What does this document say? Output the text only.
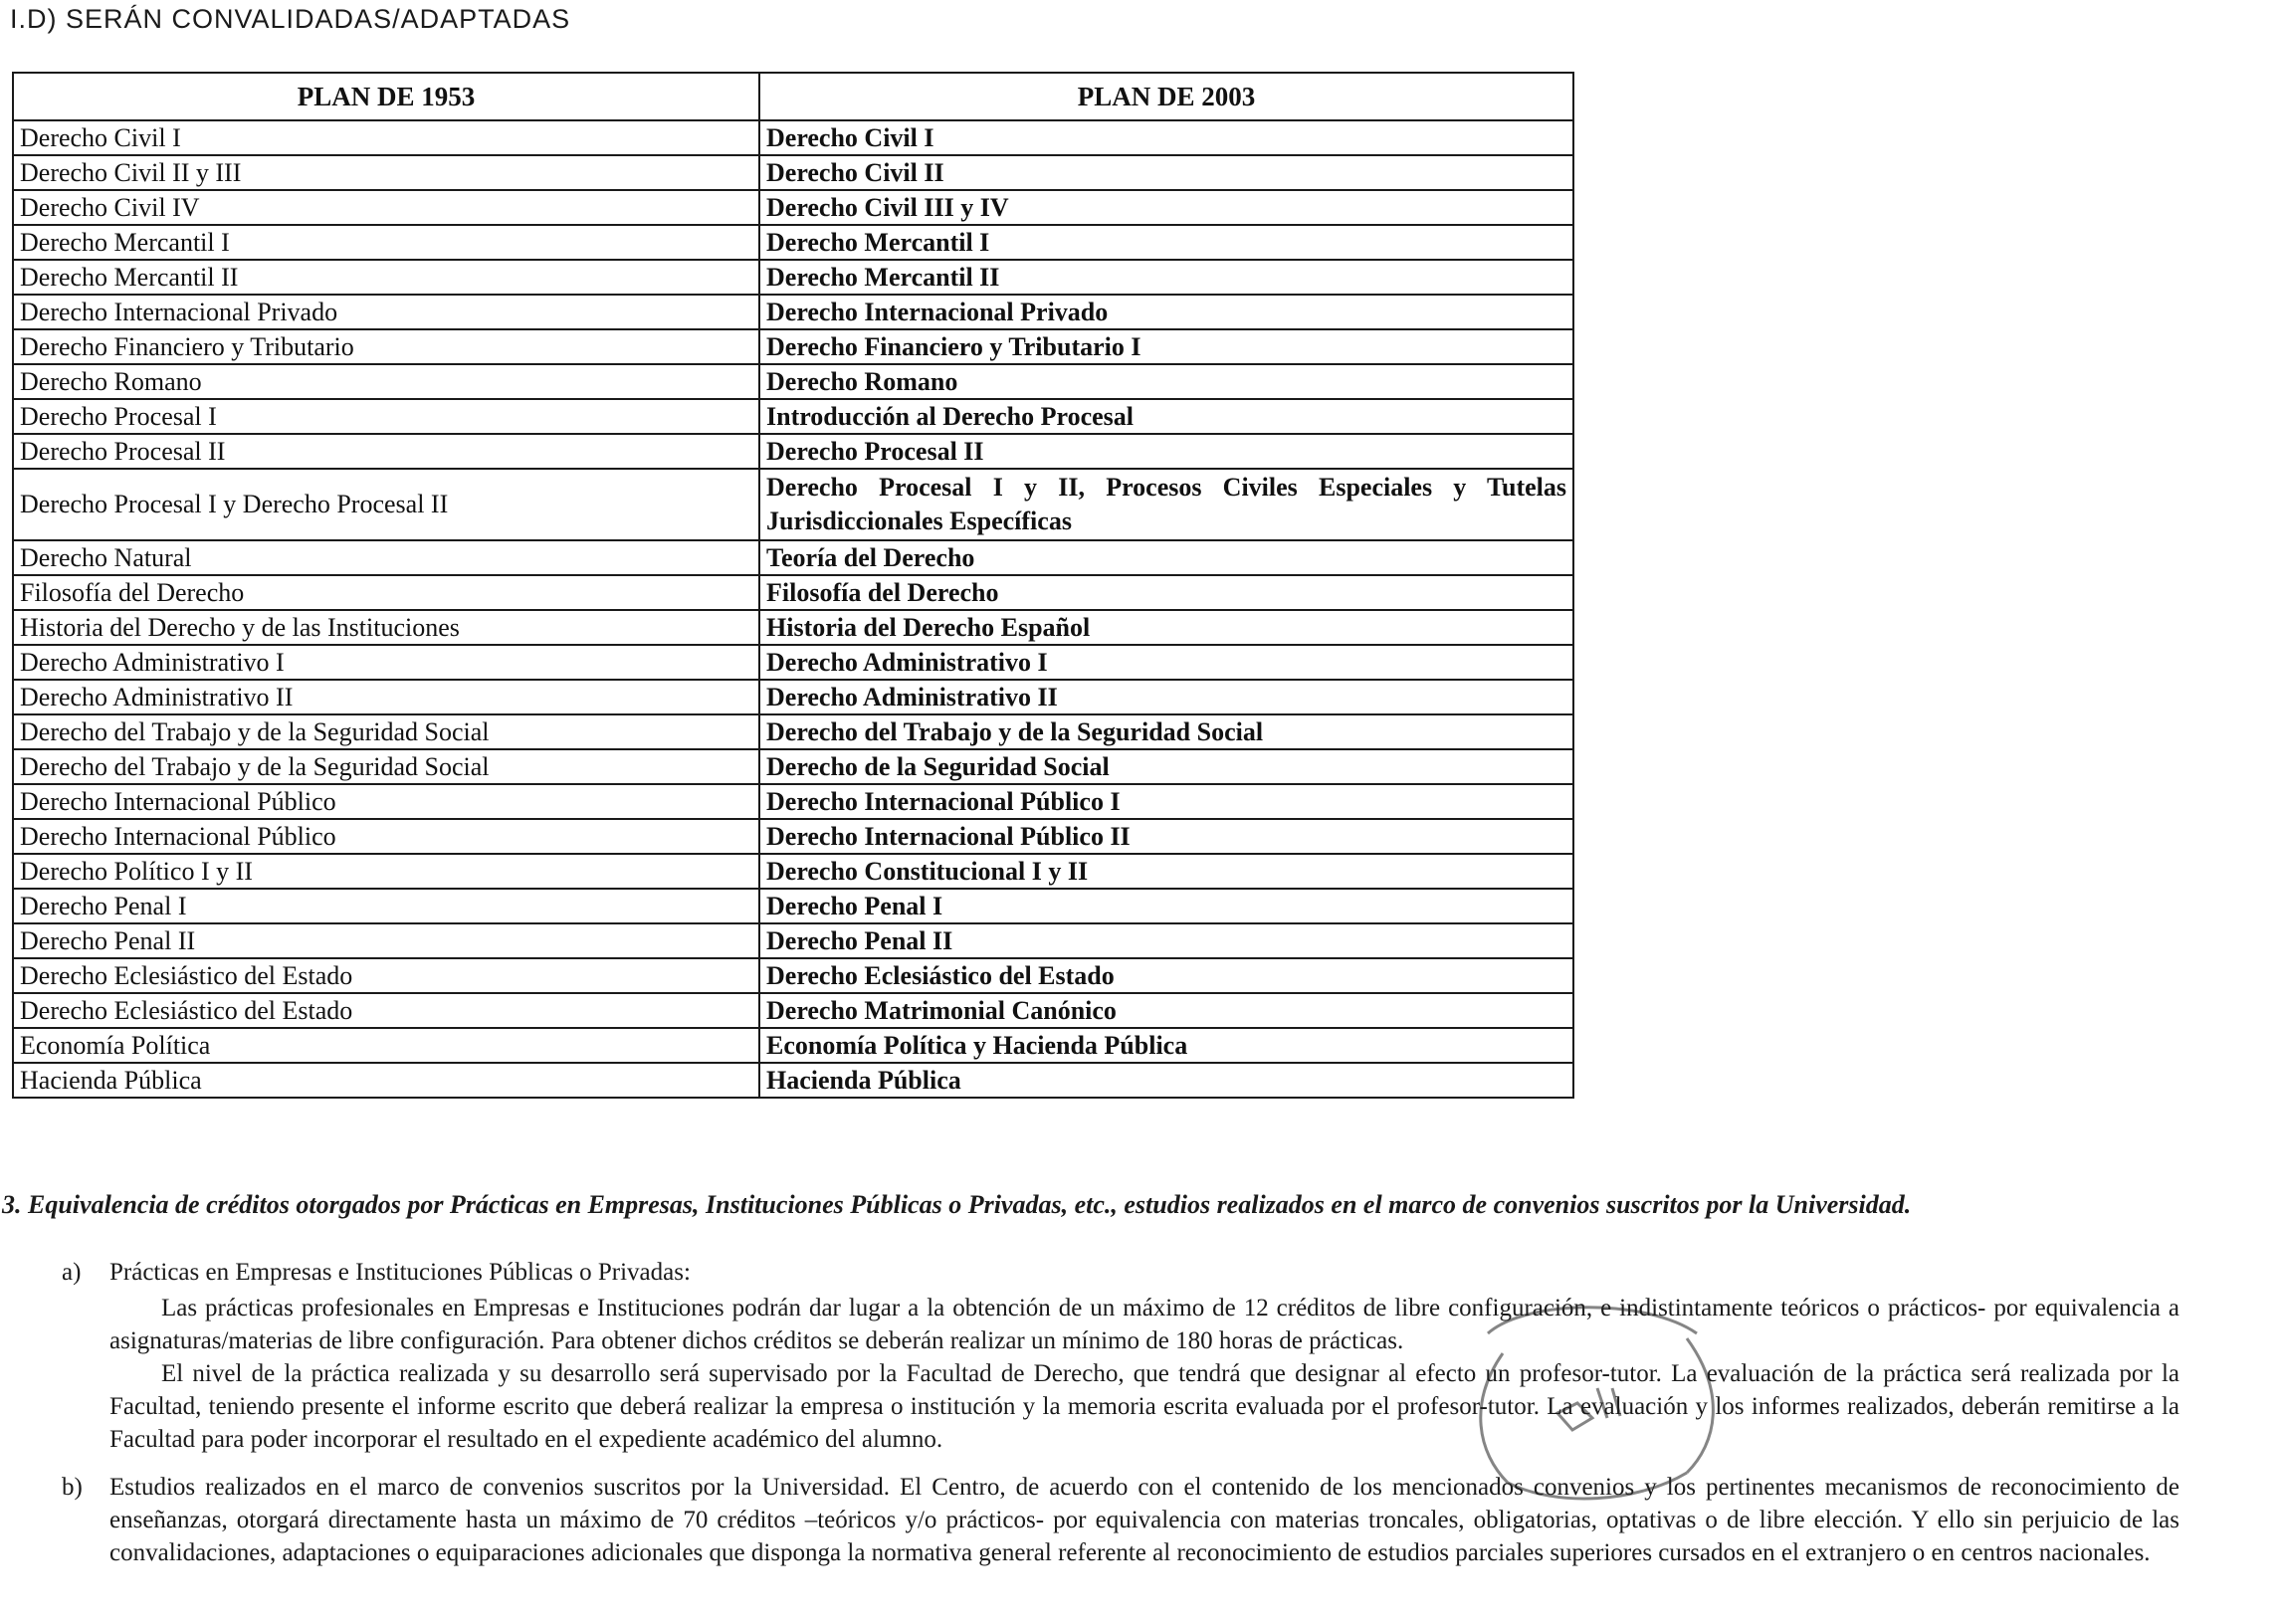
I.D) SERÁN CONVALIDADAS/ADAPTADAS
PLAN DE 1953	PLAN DE 2003
Derecho Civil I	Derecho Civil I
Derecho Civil II y III	Derecho Civil II
Derecho Civil IV	Derecho Civil III y IV
Derecho Mercantil I	Derecho Mercantil I
Derecho Mercantil II	Derecho Mercantil II
Derecho Internacional Privado	Derecho Internacional Privado
Derecho Financiero y Tributario	Derecho Financiero y Tributario I
Derecho Romano	Derecho Romano
Derecho Procesal I	Introducción al Derecho Procesal
Derecho Procesal II	Derecho Procesal II
Derecho Procesal I y Derecho Procesal II	Derecho Procesal I y II, Procesos Civiles Especiales y Tutelas Jurisdiccionales Específicas
Derecho Natural	Teoría del Derecho
Filosofía del Derecho	Filosofía del Derecho
Historia del Derecho y de las Instituciones	Historia del Derecho Español
Derecho Administrativo I	Derecho Administrativo I
Derecho Administrativo II	Derecho Administrativo II
Derecho del Trabajo y de la Seguridad Social	Derecho del Trabajo y de la Seguridad Social
Derecho del Trabajo y de la Seguridad Social	Derecho de la Seguridad Social
Derecho Internacional Público	Derecho Internacional Público I
Derecho Internacional Público	Derecho Internacional Público II
Derecho Político I y II	Derecho Constitucional I y II
Derecho Penal I	Derecho Penal I
Derecho Penal II	Derecho Penal II
Derecho Eclesiástico del Estado	Derecho Eclesiástico del Estado
Derecho Eclesiástico del Estado	Derecho Matrimonial Canónico
Economía Política	Economía Política y Hacienda Pública
Hacienda Pública	Hacienda Pública
3. Equivalencia de créditos otorgados por Prácticas en Empresas, Instituciones Públicas o Privadas, etc., estudios realizados en el marco de convenios suscritos por la Universidad.
a) Prácticas en Empresas e Instituciones Públicas o Privadas:
Las prácticas profesionales en Empresas e Instituciones podrán dar lugar a la obtención de un máximo de 12 créditos de libre configuración, e indistintamente teóricos o prácticos- por equivalencia a asignaturas/materias de libre configuración. Para obtener dichos créditos se deberán realizar un mínimo de 180 horas de prácticas.
El nivel de la práctica realizada y su desarrollo será supervisado por la Facultad de Derecho, que tendrá que designar al efecto un profesor-tutor. La evaluación de la práctica será realizada por la Facultad, teniendo presente el informe escrito que deberá realizar la empresa o institución y la memoria escrita evaluada por el profesor-tutor. La evaluación y los informes realizados, deberán remitirse a la Facultad para poder incorporar el resultado en el expediente académico del alumno.
b) Estudios realizados en el marco de convenios suscritos por la Universidad. El Centro, de acuerdo con el contenido de los mencionados convenios y los pertinentes mecanismos de reconocimiento de enseñanzas, otorgará directamente hasta un máximo de 70 créditos –teóricos y/o prácticos- por equivalencia con materias troncales, obligatorias, optativas o de libre elección. Y ello sin perjuicio de las convalidaciones, adaptaciones o equiparaciones adicionales que disponga la normativa general referente al reconocimiento de estudios parciales superiores cursados en el extranjero o en centros nacionales.
